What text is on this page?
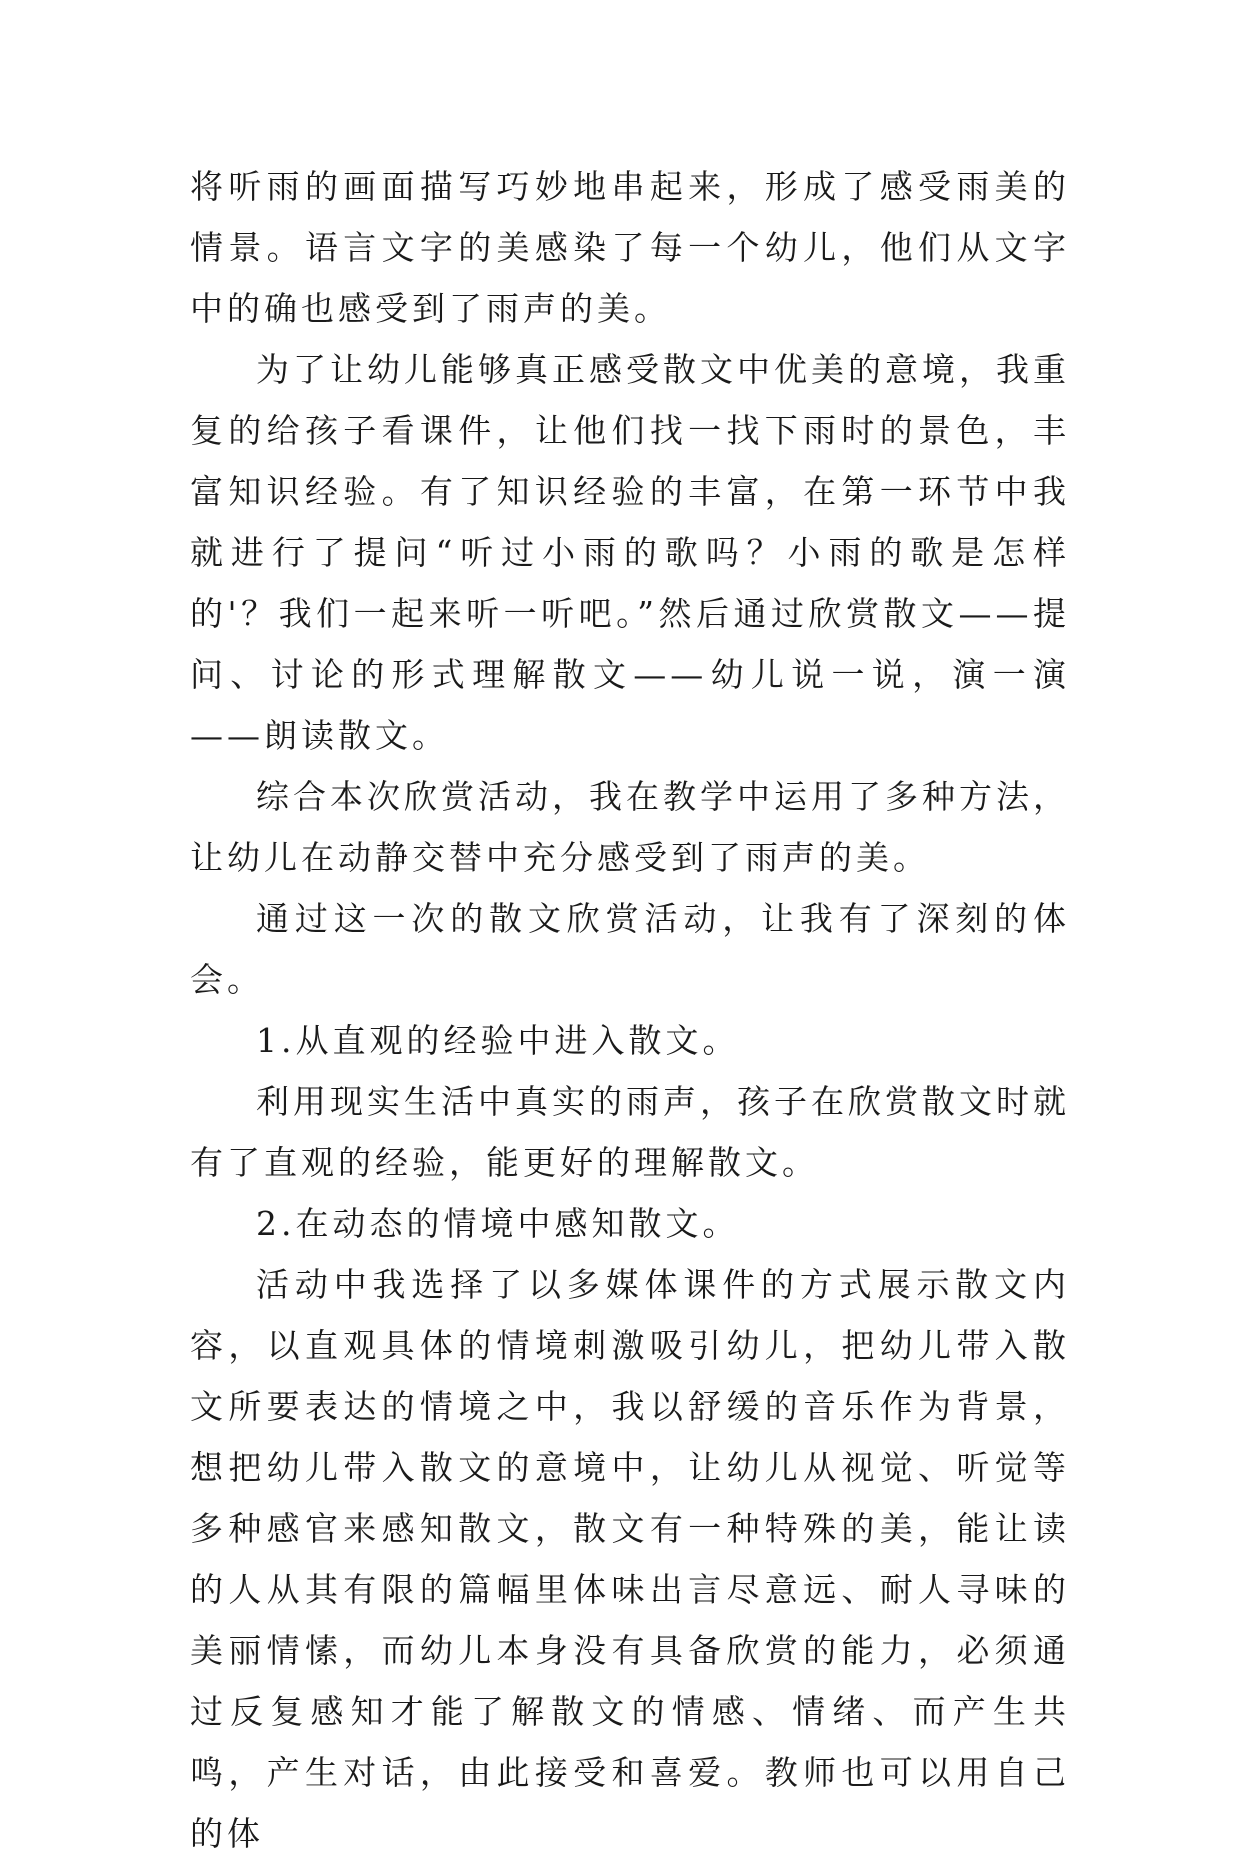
将听雨的画面描写巧妙地串起来，形成了感受雨美的情景。语言文字的美感染了每一个幼儿，他们从文字中的确也感受到了雨声的美。

为了让幼儿能够真正感受散文中优美的意境，我重复的给孩子看课件，让他们找一找下雨时的景色，丰富知识经验。有了知识经验的丰富，在第一环节中我就进行了提问“听过小雨的歌吗？小雨的歌是怎样的'？我们一起来听一听吧。”然后通过欣赏散文——提问、讨论的形式理解散文——幼儿说一说，演一演——朗读散文。

综合本次欣赏活动，我在教学中运用了多种方法，让幼儿在动静交替中充分感受到了雨声的美。

通过这一次的散文欣赏活动，让我有了深刻的体会。

1.从直观的经验中进入散文。

利用现实生活中真实的雨声，孩子在欣赏散文时就有了直观的经验，能更好的理解散文。

2.在动态的情境中感知散文。

活动中我选择了以多媒体课件的方式展示散文内容，以直观具体的情境刺激吸引幼儿，把幼儿带入散文所要表达的情境之中，我以舒缓的音乐作为背景，想把幼儿带入散文的意境中，让幼儿从视觉、听觉等多种感官来感知散文，散文有一种特殊的美，能让读的人从其有限的篇幅里体味出言尽意远、耐人寻味的美丽情愫，而幼儿本身没有具备欣赏的能力，必须通过反复感知才能了解散文的情感、情绪、而产生共鸣，产生对话，由此接受和喜爱。教师也可以用自己的体
